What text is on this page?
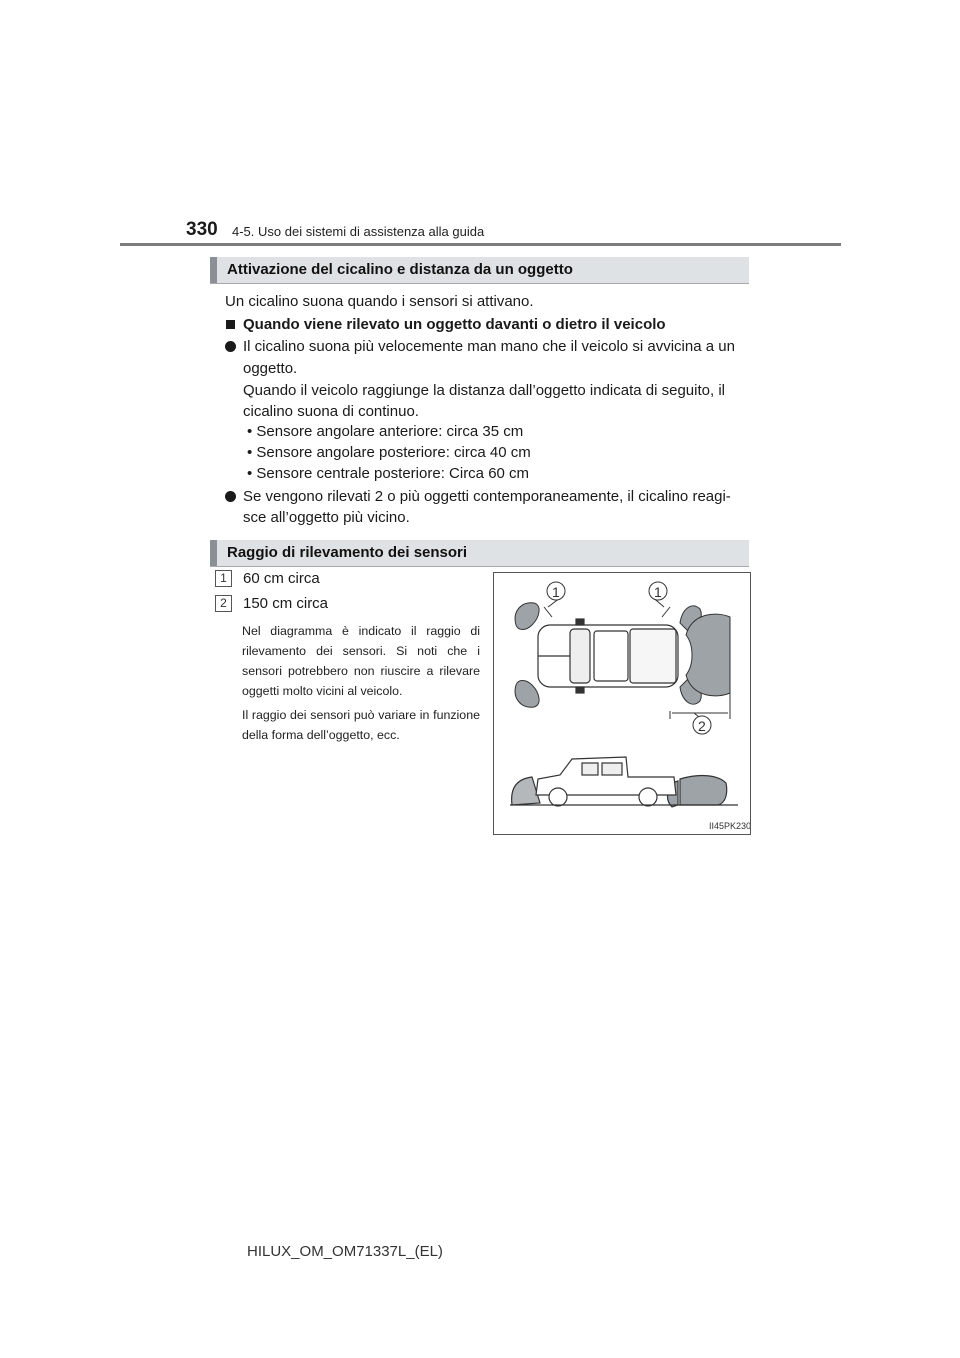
330 4-5. Uso dei sistemi di assistenza alla guida
Attivazione del cicalino e distanza da un oggetto
Un cicalino suona quando i sensori si attivano.
Quando viene rilevato un oggetto davanti o dietro il veicolo
Il cicalino suona più velocemente man mano che il veicolo si avvicina a un
oggetto.
Quando il veicolo raggiunge la distanza dall’oggetto indicata di seguito, il
cicalino suona di continuo.
• Sensore angolare anteriore: circa 35 cm
• Sensore angolare posteriore: circa 40 cm
• Sensore centrale posteriore: Circa 60 cm
Se vengono rilevati 2 o più oggetti contemporaneamente, il cicalino reagi-
sce all’oggetto più vicino.
Raggio di rilevamento dei sensori
1	60 cm circa
2	150 cm circa
Nel diagramma è indicato il raggio di rilevamento dei sensori. Si noti che i sensori potrebbero non riuscire a rilevare oggetti molto vicini al veicolo.
Il raggio dei sensori può variare in funzione della forma dell’oggetto, ecc.
1	1
2
II45PK230
HILUX_OM_OM71337L_(EL)
